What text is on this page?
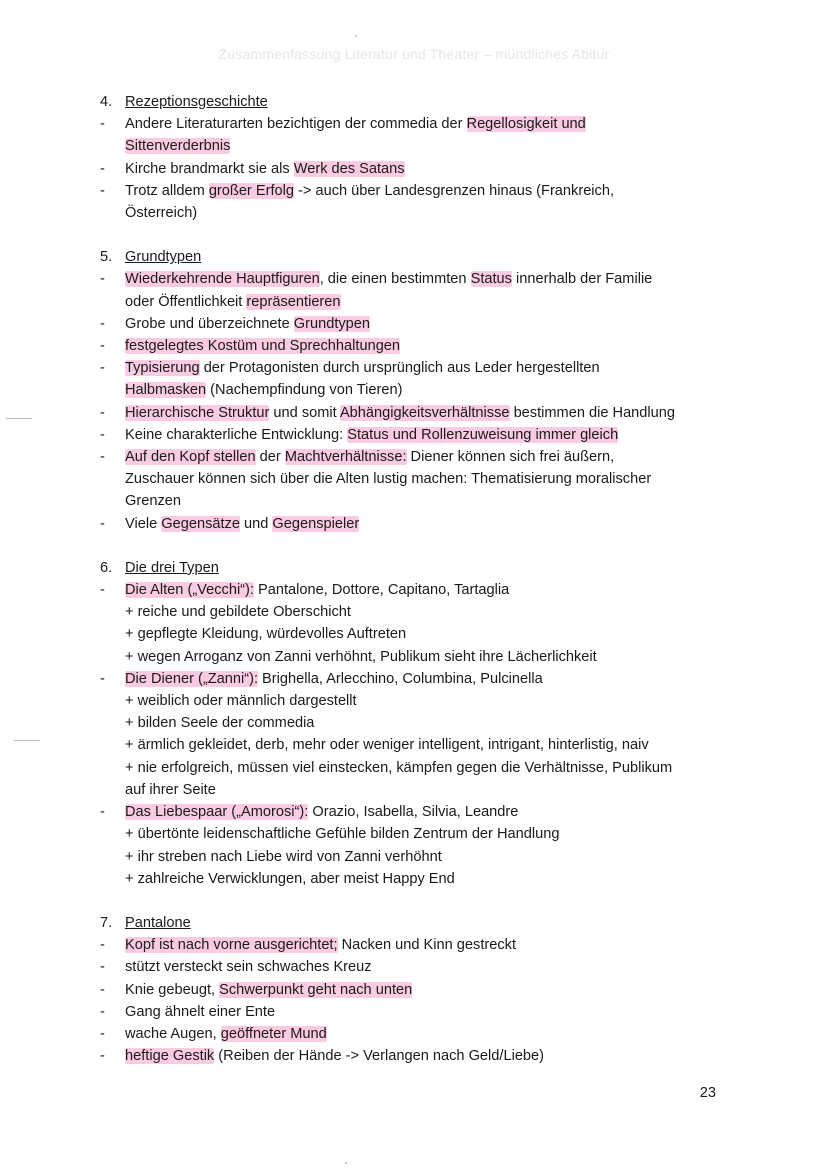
Zusammenfassung Literatur und Theater – mündliches Abitur
4. Rezeptionsgeschichte
- Andere Literaturarten bezichtigen der commedia der Regellosigkeit und
Sittenverderbnis
- Kirche brandmarkt sie als Werk des Satans
- Trotz alldem großer Erfolg -> auch über Landesgrenzen hinaus (Frankreich,
Österreich)
5. Grundtypen
- Wiederkehrende Hauptfiguren, die einen bestimmten Status innerhalb der Familie
oder Öffentlichkeit repräsentieren
- Grobe und überzeichnete Grundtypen
- festgelegtes Kostüm und Sprechhaltungen
- Typisierung der Protagonisten durch ursprünglich aus Leder hergestellten
Halbmasken (Nachempfindung von Tieren)
- Hierarchische Struktur und somit Abhängigkeitsverhältnisse bestimmen die Handlung
- Keine charakterliche Entwicklung: Status und Rollenzuweisung immer gleich
- Auf den Kopf stellen der Machtverhältnisse: Diener können sich frei äußern,
Zuschauer können sich über die Alten lustig machen: Thematisierung moralischer
Grenzen
- Viele Gegensätze und Gegenspieler
6. Die drei Typen
- Die Alten („Vecchi“): Pantalone, Dottore, Capitano, Tartaglia
+ reiche und gebildete Oberschicht
+ gepflegte Kleidung, würdevolles Auftreten
+ wegen Arroganz von Zanni verhöhnt, Publikum sieht ihre Lächerlichkeit
- Die Diener („Zanni“): Brighella, Arlecchino, Columbina, Pulcinella
+ weiblich oder männlich dargestellt
+ bilden Seele der commedia
+ ärmlich gekleidet, derb, mehr oder weniger intelligent, intrigant, hinterlistig, naiv
+ nie erfolgreich, müssen viel einstecken, kämpfen gegen die Verhältnisse, Publikum
auf ihrer Seite
- Das Liebespaar („Amorosi“): Orazio, Isabella, Silvia, Leandre
+ übertönte leidenschaftliche Gefühle bilden Zentrum der Handlung
+ ihr streben nach Liebe wird von Zanni verhöhnt
+ zahlreiche Verwicklungen, aber meist Happy End
7. Pantalone
- Kopf ist nach vorne ausgerichtet; Nacken und Kinn gestreckt
- stützt versteckt sein schwaches Kreuz
- Knie gebeugt, Schwerpunkt geht nach unten
- Gang ähnelt einer Ente
- wache Augen, geöffneter Mund
- heftige Gestik (Reiben der Hände -> Verlangen nach Geld/Liebe)
23
